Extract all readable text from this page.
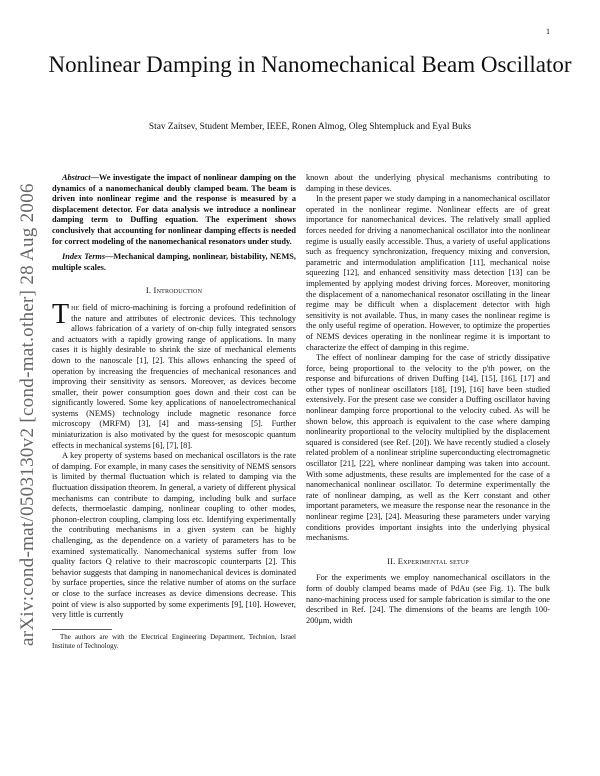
1
arXiv:cond-mat/0503130v2 [cond-mat.other] 28 Aug 2006
Nonlinear Damping in Nanomechanical Beam Oscillator
Stav Zaitsev, Student Member, IEEE, Ronen Almog, Oleg Shtempluck and Eyal Buks

Abstract—We investigate the impact of nonlinear damping on the dynamics of a nanomechanical doubly clamped beam. The beam is driven into nonlinear regime and the response is measured by a displacement detector. For data analysis we introduce a nonlinear damping term to Duffing equation. The experiment shows conclusively that accounting for nonlinear damping effects is needed for correct modeling of the nanomechanical resonators under study.

Index Terms—Mechanical damping, nonlinear, bistability, NEMS, multiple scales.

I. Introduction

The field of micro-machining is forcing a profound redefinition of the nature and attributes of electronic devices. This technology allows fabrication of a variety of on-chip fully integrated sensors and actuators with a rapidly growing range of applications. In many cases it is highly desirable to shrink the size of mechanical elements down to the nanoscale [1], [2]. This allows enhancing the speed of operation by increasing the frequencies of mechanical resonances and improving their sensitivity as sensors. Moreover, as devices become smaller, their power consumption goes down and their cost can be significantly lowered. Some key applications of nanoelectromechanical systems (NEMS) technology include magnetic resonance force microscopy (MRFM) [3], [4] and mass-sensing [5]. Further miniaturization is also motivated by the quest for mesoscopic quantum effects in mechanical systems [6], [7], [8].

A key property of systems based on mechanical oscillators is the rate of damping. For example, in many cases the sensitivity of NEMS sensors is limited by thermal fluctuation which is related to damping via the fluctuation dissipation theorem. In general, a variety of different physical mechanisms can contribute to damping, including bulk and surface defects, thermoelastic damping, nonlinear coupling to other modes, phonon-electron coupling, clamping loss etc. Identifying experimentally the contributing mechanisms in a given system can be highly challenging, as the dependence on a variety of parameters has to be examined systematically. Nanomechanical systems suffer from low quality factors Q relative to their macroscopic counterparts [2]. This behavior suggests that damping in nanomechanical devices is dominated by surface properties, since the relative number of atoms on the surface or close to the surface increases as device dimensions decrease. This point of view is also supported by some experiments [9], [10]. However, very little is currently

The authors are with the Electrical Engineering Department, Technion, Israel Institute of Technology.

known about the underlying physical mechanisms contributing to damping in these devices.

In the present paper we study damping in a nanomechanical oscillator operated in the nonlinear regime. Nonlinear effects are of great importance for nanomechanical devices. The relatively small applied forces needed for driving a nanomechanical oscillator into the nonlinear regime is usually easily accessible. Thus, a variety of useful applications such as frequency synchronization, frequency mixing and conversion, parametric and intermodulation amplification [11], mechanical noise squeezing [12], and enhanced sensitivity mass detection [13] can be implemented by applying modest driving forces. Moreover, monitoring the displacement of a nanomechanical resonator oscillating in the linear regime may be difficult when a displacement detector with high sensitivity is not available. Thus, in many cases the nonlinear regime is the only useful regime of operation. However, to optimize the properties of NEMS devices operating in the nonlinear regime it is important to characterize the effect of damping in this regime.

The effect of nonlinear damping for the case of strictly dissipative force, being proportional to the velocity to the p'th power, on the response and bifurcations of driven Duffing [14], [15], [16], [17] and other types of nonlinear oscillators [18], [19], [16] have been studied extensively. For the present case we consider a Duffing oscillator having nonlinear damping force proportional to the velocity cubed. As will be shown below, this approach is equivalent to the case where damping nonlinearity proportional to the velocity multiplied by the displacement squared is considered (see Ref. [20]). We have recently studied a closely related problem of a nonlinear stripline superconducting electromagnetic oscillator [21], [22], where nonlinear damping was taken into account. With some adjustments, these results are implemented for the case of a nanomechanical nonlinear oscillator. To determine experimentally the rate of nonlinear damping, as well as the Kerr constant and other important parameters, we measure the response near the resonance in the nonlinear regime [23], [24]. Measuring these parameters under varying conditions provides important insights into the underlying physical mechanisms.

II. Experimental setup

For the experiments we employ nanomechanical oscillators in the form of doubly clamped beams made of PdAu (see Fig. 1). The bulk nano-machining process used for sample fabrication is similar to the one described in Ref. [24]. The dimensions of the beams are length 100-200μm, width
